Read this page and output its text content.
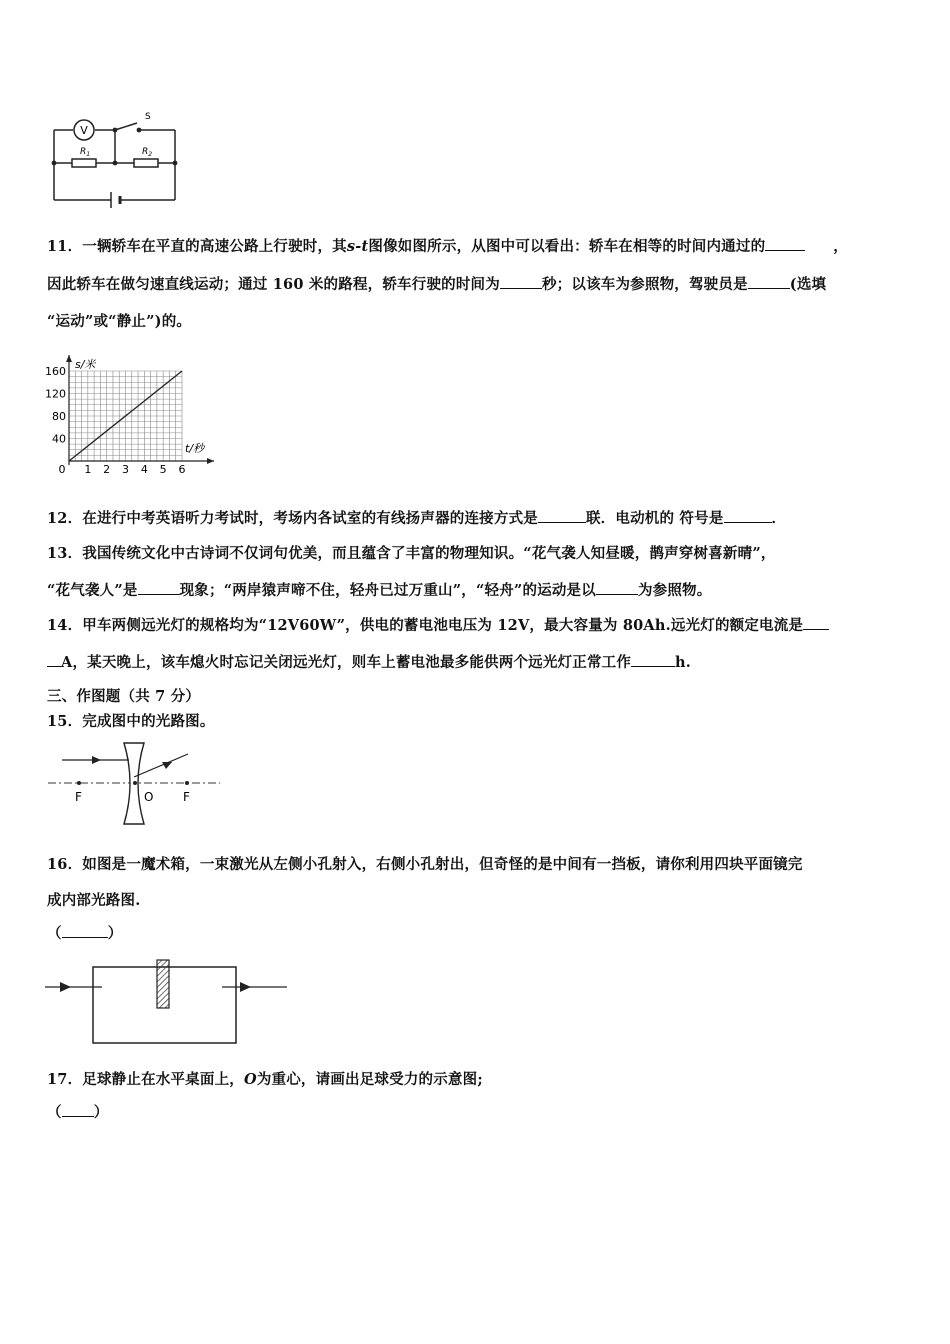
V
S
$R_1$	$R_2$
11．一辆轿车在平直的高速公路上行驶时，其s-t图像如图所示，从图中可以看出：轿车在相等的时间内通过的	，
因此轿车在做匀速直线运动；通过 160 米的路程，轿车行驶的时间为	秒；以该车为参照物，驾驶员是	(选填
“运动”或“静止”)的。
0 1 2 3 4 5 6
40
80
120
160
t/秒
s/米
12．在进行中考英语听力考试时，考场内各试室的有线扬声器的连接方式是	联．电动机的 符号是	．
13．我国传统文化中古诗词不仅词句优美，而且蕴含了丰富的物理知识。“花气袭人知昼暖，鹊声穿树喜新晴”，
“花气袭人”是	现象；“两岸猿声啼不住，轻舟已过万重山”，“轻舟”的运动是以	为参照物。
14．甲车两侧远光灯的规格均为“12V60W”，供电的蓄电池电压为 12V，最大容量为 80Ah.远光灯的额定电流是
A，某天晚上，该车熄火时忘记关闭远光灯，则车上蓄电池最多能供两个远光灯正常工作	h.
三、作图题（共 7 分）
15．完成图中的光路图。
F	O F
16．如图是一魔术箱，一束激光从左侧小孔射入，右侧小孔射出，但奇怪的是中间有一挡板，请你利用四块平面镜完
成内部光路图.
（	）
17．足球静止在水平桌面上，O为重心，请画出足球受力的示意图;
（ ）
